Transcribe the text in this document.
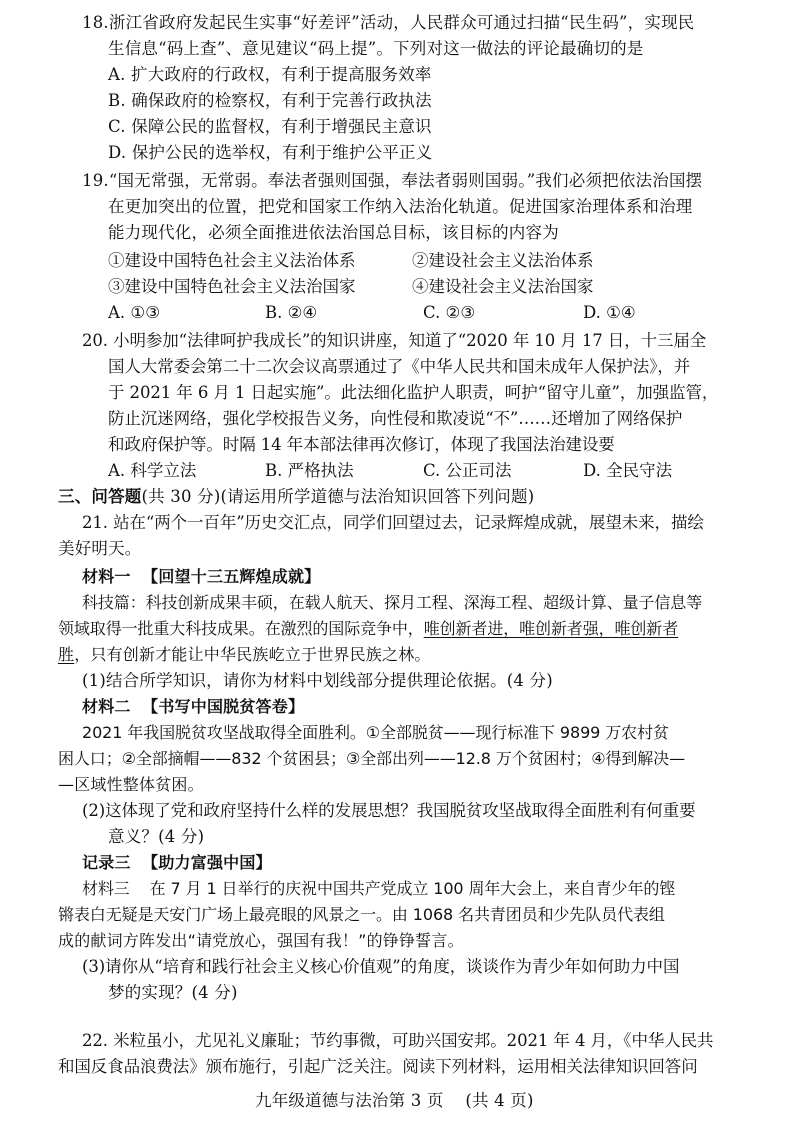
18.浙江省政府发起民生实事“好差评”活动，人民群众可通过扫描“民生码”，实现民
生信息“码上查”、意见建议“码上提”。下列对这一做法的评论最确切的是
A. 扩大政府的行政权，有利于提高服务效率
B. 确保政府的检察权，有利于完善行政执法
C. 保障公民的监督权，有利于增强民主意识
D. 保护公民的选举权，有利于维护公平正义
19.“国无常强，无常弱。奉法者强则国强，奉法者弱则国弱。”我们必须把依法治国摆
在更加突出的位置，把党和国家工作纳入法治化轨道。促进国家治理体系和治理
能力现代化，必须全面推进依法治国总目标，该目标的内容为
①建设中国特色社会主义法治体系	②建设社会主义法治体系
③建设中国特色社会主义法治国家	④建设社会主义法治国家
A. ①③	B. ②④	C. ②③	D. ①④
20. 小明参加“法律呵护我成长”的知识讲座，知道了“2020 年 10 月 17 日，十三届全
国人大常委会第二十二次会议高票通过了《中华人民共和国未成年人保护法》，并
于 2021 年 6 月 1 日起实施”。此法细化监护人职责，呵护“留守儿童”，加强监管，
防止沉迷网络，强化学校报告义务，向性侵和欺凌说“不”……还增加了网络保护
和政府保护等。时隔 14 年本部法律再次修订，体现了我国法治建设要
A. 科学立法	B. 严格执法	C. 公正司法	D. 全民守法
三、问答题(共 30 分)(请运用所学道德与法治知识回答下列问题)
21. 站在“两个一百年”历史交汇点，同学们回望过去，记录辉煌成就，展望未来，描绘
美好明天。
材料一  【回望十三五辉煌成就】
科技篇：科技创新成果丰硕，在载人航天、探月工程、深海工程、超级计算、量子信息等
领域取得一批重大科技成果。在激烈的国际竞争中，唯创新者进，唯创新者强，唯创新者
胜，只有创新才能让中华民族屹立于世界民族之林。
(1)结合所学知识，请你为材料中划线部分提供理论依据。(4 分)
材料二  【书写中国脱贫答卷】
2021 年我国脱贫攻坚战取得全面胜利。①全部脱贫——现行标准下 9899 万农村贫
困人口；②全部摘帽——832 个贫困县；③全部出列——12.8 万个贫困村；④得到解决—
—区域性整体贫困。
(2)这体现了党和政府坚持什么样的发展思想？我国脱贫攻坚战取得全面胜利有何重要
意义？(4 分)
记录三  【助力富强中国】
材料三    在 7 月 1 日举行的庆祝中国共产党成立 100 周年大会上，来自青少年的铿
锵表白无疑是天安门广场上最亮眼的风景之一。由 1068 名共青团员和少先队员代表组
成的献词方阵发出“请党放心，强国有我！”的铮铮誓言。
(3)请你从“培育和践行社会主义核心价值观”的角度，谈谈作为青少年如何助力中国
梦的实现？(4 分)
22. 米粒虽小，尤见礼义廉耻；节约事微，可助兴国安邦。2021 年 4 月，《中华人民共
和国反食品浪费法》颁布施行，引起广泛关注。阅读下列材料，运用相关法律知识回答问
九年级道德与法治第 3 页    (共 4 页)
